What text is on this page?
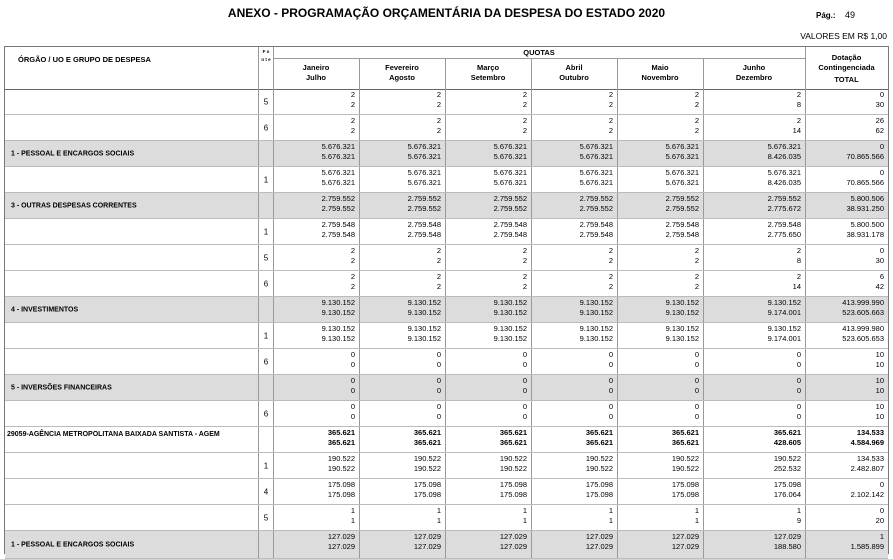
ANEXO - PROGRAMAÇÃO ORÇAMENTÁRIA DA DESPESA DO ESTADO 2020	Pág.: 49
VALORES EM R$ 1,00
ÓRGÃO / UO E GRUPO DE DESPESA
F o n t e
QUOTAS
Janeiro
Julho
Fevereiro
Agosto
Março
Setembro
Abril
Outubro
Maio
Novembro
Junho
Dezembro
Dotação
Contingenciada
TOTAL
5
2
2
2
2
2
2
2
2
2
2
2
8
0
30
6
2
2
2
2
2
2
2
2
2
2
2
14
26
62
1 - PESSOAL E ENCARGOS SOCIAIS
5.676.321
5.676.321
5.676.321
5.676.321
5.676.321
5.676.321
5.676.321
5.676.321
5.676.321
5.676.321
5.676.321
8.426.035
0
70.865.566
1
5.676.321
5.676.321
5.676.321
5.676.321
5.676.321
5.676.321
5.676.321
5.676.321
5.676.321
5.676.321
5.676.321
8.426.035
0
70.865.566
3 - OUTRAS DESPESAS CORRENTES
2.759.552
2.759.552
2.759.552
2.759.552
2.759.552
2.759.552
2.759.552
2.759.552
2.759.552
2.759.552
2.759.552
2.775.672
5.800.506
38.931.250
1
2.759.548
2.759.548
2.759.548
2.759.548
2.759.548
2.759.548
2.759.548
2.759.548
2.759.548
2.759.548
2.759.548
2.775.650
5.800.500
38.931.178
5
2
2
2
2
2
2
2
2
2
2
2
8
0
30
6
2
2
2
2
2
2
2
2
2
2
2
14
6
42
4 - INVESTIMENTOS
9.130.152
9.130.152
9.130.152
9.130.152
9.130.152
9.130.152
9.130.152
9.130.152
9.130.152
9.130.152
9.130.152
9.174.001
413.999.990
523.605.663
1
9.130.152
9.130.152
9.130.152
9.130.152
9.130.152
9.130.152
9.130.152
9.130.152
9.130.152
9.130.152
9.130.152
9.174.001
413.999.980
523.605.653
6
0
0
0
0
0
0
0
0
0
0
0
0
10
10
5 - INVERSÕES FINANCEIRAS
0
0
0
0
0
0
0
0
0
0
0
0
10
10
6
0
0
0
0
0
0
0
0
0
0
0
0
10
10
29059-AGÊNCIA METROPOLITANA BAIXADA SANTISTA - AGEM	365.621
365.621
365.621
365.621
365.621
365.621
365.621
365.621
365.621
365.621
365.621
428.605
134.533
4.584.969
1
190.522
190.522
190.522
190.522
190.522
190.522
190.522
190.522
190.522
190.522
190.522
252.532
134.533
2.482.807
4
175.098
175.098
175.098
175.098
175.098
175.098
175.098
175.098
175.098
175.098
175.098
176.064
0
2.102.142
5
1
1
1
1
1
1
1
1
1
1
1
9
0
20
1 - PESSOAL E ENCARGOS SOCIAIS
127.029
127.029
127.029
127.029
127.029
127.029
127.029
127.029
127.029
127.029
127.029
188.580
1
1.585.899
